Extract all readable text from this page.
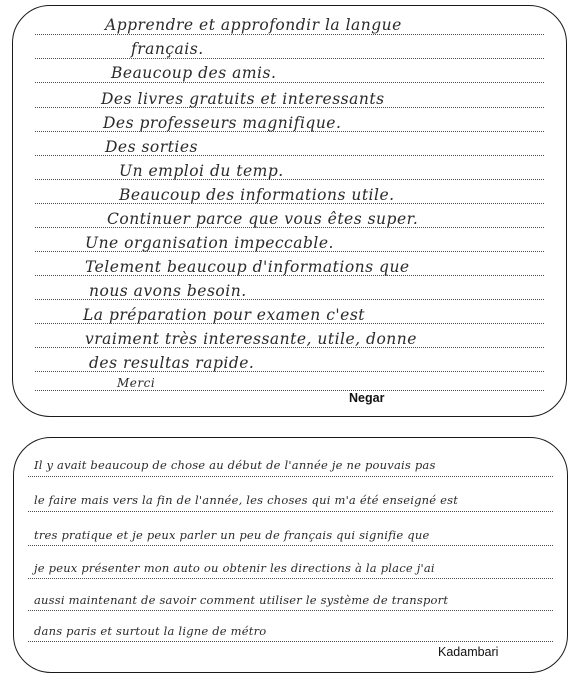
Apprendre et approfondir la langue
français.
Beaucoup des amis.
Des livres gratuits et interessants
Des professeurs magnifique.
Des sorties
Un emploi du temp.
Beaucoup des informations utile.
Continuer parce que vous êtes super.
Une organisation impeccable.
Telement beaucoup d'informations que
nous avons besoin.
La préparation pour examen c'est
vraiment très interessante, utile, donne
des resultas rapide.
Merci
Negar
Il y avait beaucoup de chose au début de l'année je ne pouvais pas
le faire mais vers la fin de l'année, les choses qui m'a été enseigné est
tres pratique et je peux parler un peu de français qui signifie que
je peux présenter mon auto ou obtenir les directions à la place j'ai
aussi maintenant de savoir comment utiliser le système de transport
dans paris et surtout la ligne de métro
Kadambari
